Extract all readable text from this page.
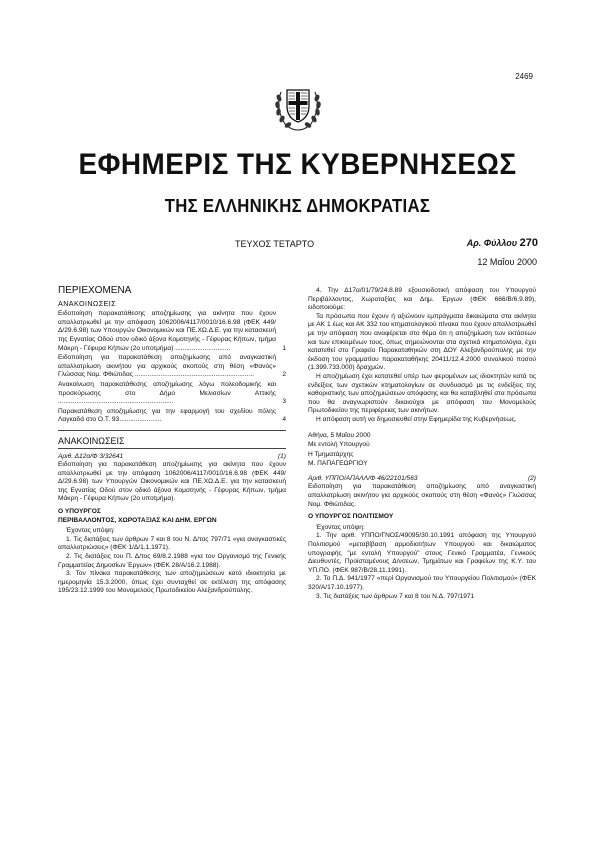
2469
ΕΦΗΜΕΡΙΣ ΤΗΣ ΚΥΒΕΡΝΗΣΕΩΣ
ΤΗΣ ΕΛΛΗΝΙΚΗΣ ΔΗΜΟΚΡΑΤΙΑΣ
ΤΕΥΧΟΣ ΤΕΤΑΡΤΟ	Αρ. Φύλλου 270
12 Μαΐου 2000

ΠΕΡΙΕΧΟΜΕΝΑ

ΑΝΑΚΟΙΝΩΣΕΙΣ

Ειδοποίηση παρακατάθεσης αποζημίωσης για ακίνητα που έχουν απαλλοτριωθεί με την απόφαση 1062006/4117/0010/16.6.98 (ΦΕΚ 449/Δ/29.6.98) των Υπουργών Οικονομικών και ΠΕ.ΧΩ.Δ.Ε. για την κατασκευή της Εγνατίας Οδού στον οδικό άξονα Κομοτηνής - Γέφυρας Κήπων, τμήμα Μάκρη - Γέφυρα Κήπων (2ο υποτμήμα) ..............................	1
Ειδοποίηση για παρακατάθεση αποζημίωσης από αναγκαστική απαλλοτρίωση ακινήτου για αρχικούς σκοπούς στη θέση «Φανός» Γλώσσας Νομ. Φθιώτιδας .................................................................	2
Ανακοίνωση παρακατάθεσης αποζημίωσης λόγω πολεοδομικής και προσκύρωσης στο Δήμο Μελισσίων Αττικής ...............................................................	3
Παρακατάθεση αποζημίωσης για την εφαρμογή του σχεδίου πόλης Λαγκαδά στο Ο.Τ. 93.......................	4

ΑΝΑΚΟΙΝΩΣΕΙΣ

Αριθ. Δ12α/Φ 3/32641	(1)

Ειδοποίηση για παρακατάθεση αποζημίωσης για ακίνητα που έχουν απαλλοτριωθεί με την απόφαση 1062006/4117/0010/16.6.98 (ΦΕΚ 449/Δ/29.6.98) των Υπουργών Οικονομικών και ΠΕ.ΧΩ.Δ.Ε. για την κατασκευή της Εγνατίας Οδού στον οδικό άξονα Κομοτηνής - Γέφυρας Κήπων, τμήμα Μάκρη - Γέφυρα Κήπων (2ο υποτμήμα).

Ο ΥΠΟΥΡΓΟΣ
ΠΕΡΙΒΑΛΛΟΝΤΟΣ, ΧΩΡΟΤΑΞΙΑΣ ΚΑΙ ΔΗΜ. ΕΡΓΩΝ

Έχοντας υπόψη:

1. Τις διατάξεις των άρθρων 7 και 8 του Ν. Δ/τος 797/71 «για αναγκαστικές απαλλοτριώσεις» (ΦΕΚ 1/Δ/1.1.1971).

2. Τις διατάξεις του Π. Δ/τος 69/8.2.1988 «για τον Οργανισμό της Γενικής Γραμματείας Δημοσίων Έργων» (ΦΕΚ 28/Α/16.2.1988).

3. Τον πίνακα παρακατάθεσης των αποζημιώσεων κατά ιδιοκτησία με ημερομηνία 15.3.2000, όπως έχει συνταχθεί σε εκτέλεση της απόφασης 195/23.12.1999 του Μονομελούς Πρωτοδικείου Αλεξανδρούπολης.

4. Την Δ17α/01/79/24.8.89 εξουσιοδοτική απόφαση του Υπουργού Περιβάλλοντος, Χωροταξίας και Δημ. Έργων (ΦΕΚ 666/Β/6.9.89), ειδοποιούμε:

Τα πρόσωπα που έχουν ή αξιώνουν εμπράγματα δικαιώματα στα ακίνητα με ΑΚ 1 έως και ΑΚ 332 του κτηματολογικού πίνακα που έχουν απαλλοτριωθεί με την απόφαση που αναφέρεται στο θέμα ότι η αποζημίωση των εκτάσεων και των επικειμένων τους, όπως σημειώνονται στα σχετικά κτηματολόγια, έχει κατατεθεί στο Γραφείο Παρακαταθηκών στη ΔΟΥ Αλεξανδρούπολης με την έκδοση του γραμματίου παρακαταθήκης 20411/12.4.2000 συνολικού ποσού (1.399.733.000) δραχμών.

Η αποζημίωση έχει κατατεθεί υπέρ των φερομένων ως ιδιοκτητών κατά τις ενδείξεις των σχετικών κτηματολογίων σε συνδυασμό με τις ενδείξεις της καθοριστικής των αποζημιώσεων απόφασης και θα καταβληθεί στα πρόσωπα που θα αναγνωριστούν δικαιούχοι με απόφαση του Μονομελούς Πρωτοδικείου της περιφέρειας των ακινήτων.

Η απόφαση αυτή να δημοσιευθεί στην Εφημερίδα της Κυβερνήσεως.

Αθήνα, 5 Μαΐου 2000

Με εντολή Υπουργού

Η Τμηματάρχης

Μ. ΠΑΠΑΓΕΩΡΓΙΟΥ

Αριθ. ΥΠΠΟ/ΑΠΑΛΛ/Φ 46/22101/563	(2)

Ειδοποίηση για παρακατάθεση αποζημίωσης από αναγκαστική απαλλοτρίωση ακινήτου για αρχικούς σκοπούς στη θέση «Φανός» Γλώσσας Νομ. Φθιώτιδας.

Ο ΥΠΟΥΡΓΟΣ ΠΟΛΙΤΙΣΜΟΥ

Έχοντας υπόψη:

1. Την αριθ. ΥΠΠΟ/ΓΝΟΣ/49095/30.10.1991 απόφαση της Υπουργού Πολιτισμού «μεταβίβαση αρμοδιοτήτων Υπουργού και δικαιώματος υπογραφής "με εντολή Υπουργού" στους Γενικό Γραμματέα, Γενικούς Διευθυντές, Προϊσταμένους Δ/νσεων, Τμημάτων και Γραφείων της Κ.Υ. του ΥΠ.ΠΟ. (ΦΕΚ 987/Β/28.11.1991).

2. Το Π.Δ. 941/1977 «περί Οργανισμού του Υπουργείου Πολιτισμού» (ΦΕΚ 320/Α/17.10.1977).

3. Τις διατάξεις των άρθρων 7 και 8 του Ν.Δ. 797/1971
